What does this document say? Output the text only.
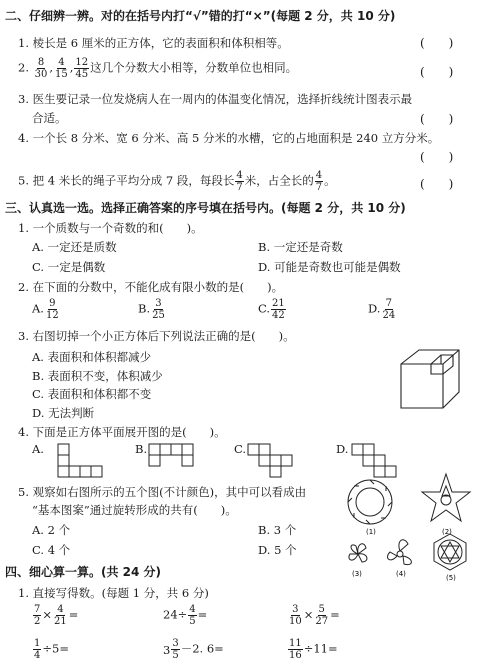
二、仔细辨一辨。对的在括号内打“√”错的打“×”(每题 2 分，共 10 分)
1. 棱长是 6 厘米的正方体，它的表面积和体积相等。	(　　)
2. $\frac{8}{30}$ , $\frac{4}{15}$ , $\frac{12}{45}$ 这几个分数大小相等，分数单位也相同。	(　　)
3. 医生要记录一位发烧病人在一周内的体温变化情况，选择折线统计图表示最
合适。	(　　)
4. 一个长 8 分米、宽 6 分米、高 5 分米的水槽，它的占地面积是 240 立方分米。
(　　)
5. 把 4 米长的绳子平均分成 7 段，每段长 $\frac{4}{7}$ 米，占全长的 $\frac{4}{7}$ 。	(　　)
三、认真选一选。选择正确答案的序号填在括号内。(每题 2 分，共 10 分)
1. 一个质数与一个奇数的和(　　)。
A. 一定还是质数	B. 一定还是奇数
C. 一定是偶数	D. 可能是奇数也可能是偶数
2. 在下面的分数中，不能化成有限小数的是(　　)。
A. $\frac{9}{12}$	B. $\frac{3}{25}$	C. $\frac{21}{42}$	D. $\frac{7}{24}$
3. 右图切掉一个小正方体后下列说法正确的是(　　)。
A. 表面积和体积都减少
B. 表面积不变，体积减少
C. 表面积和体积都不变
D. 无法判断
4. 下面是正方体平面展开图的是(　　)。
A.	B.	C.	D.
5. 观察如右图所示的五个图(不计颜色)，其中可以看成由
“基本图案”通过旋转形成的共有(　　)。
A. 2 个	B. 3 个
C. 4 个	D. 5 个
(1)	(2)
(3)	(4)	(5)
四、细心算一算。(共 24 分)
1. 直接写得数。(每题 1 分，共 6 分)
$\frac{7}{2} \times \frac{4}{21}$ =	$24\div \frac{4}{5}$ =	$\frac{3}{10} \times \frac{5}{27}$ =
$\frac{1}{4} \div 5=$	$3 \frac{3}{5} -2$. 6=	$\frac{11}{16} \div 11=$
